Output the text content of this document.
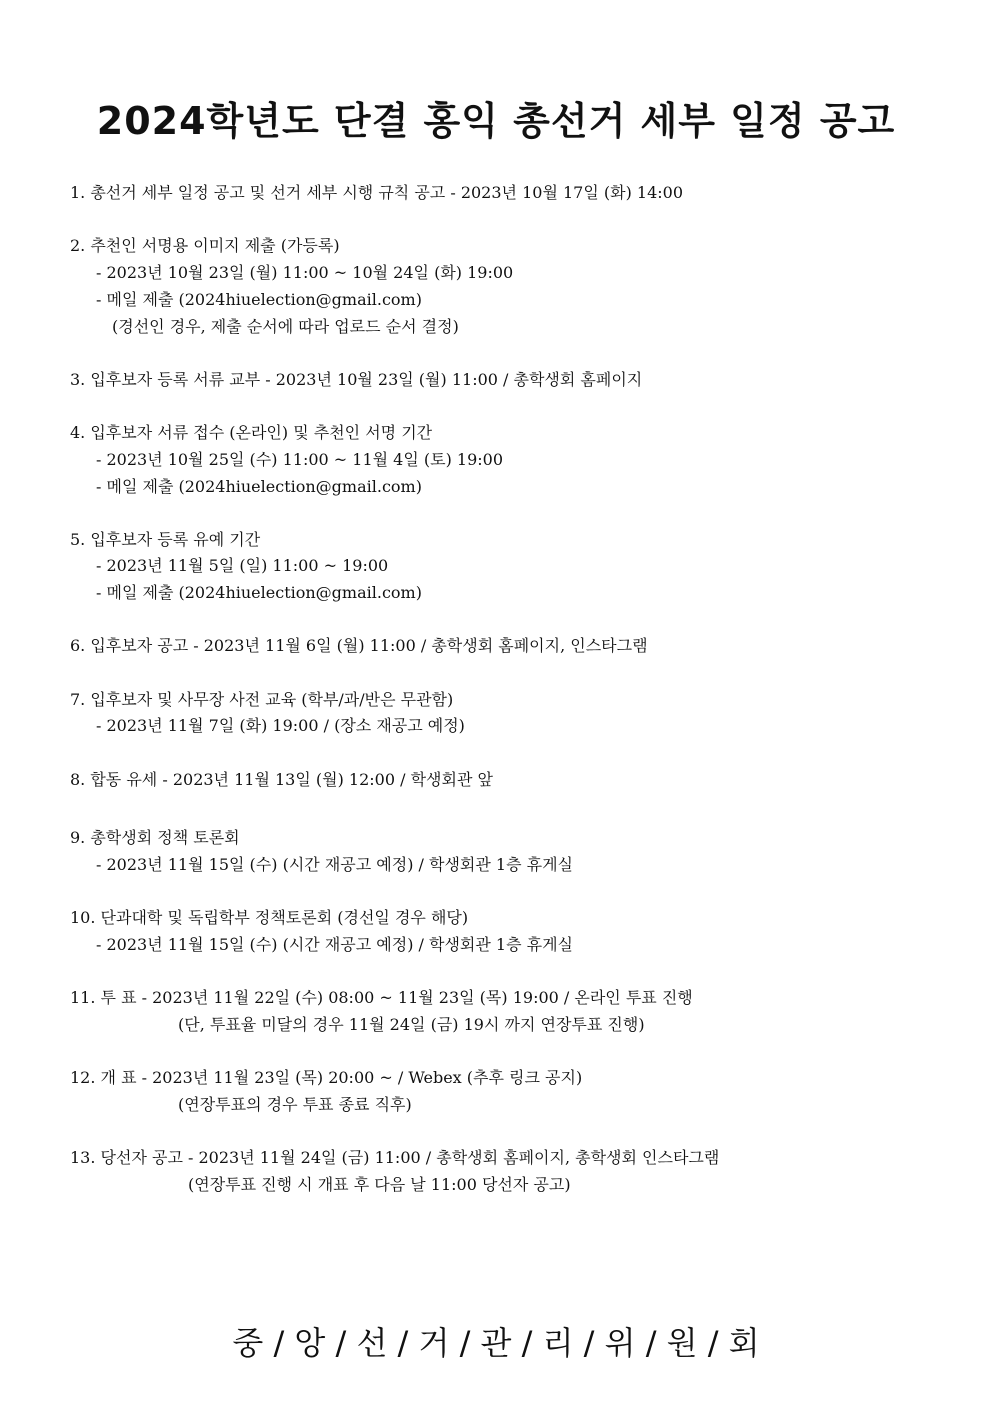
2024학년도 단결 홍익 총선거 세부 일정 공고
1. 총선거 세부 일정 공고 및 선거 세부 시행 규칙 공고 - 2023년 10월 17일 (화) 14:00
2. 추천인 서명용 이미지 제출 (가등록)
- 2023년 10월 23일 (월) 11:00 ~ 10월 24일 (화) 19:00
- 메일 제출 (2024hiuelection@gmail.com)
(경선인 경우, 제출 순서에 따라 업로드 순서 결정)
3. 입후보자 등록 서류 교부 - 2023년 10월 23일 (월) 11:00 / 총학생회 홈페이지
4. 입후보자 서류 접수 (온라인) 및 추천인 서명 기간
- 2023년 10월 25일 (수) 11:00 ~ 11월 4일 (토) 19:00
- 메일 제출 (2024hiuelection@gmail.com)
5. 입후보자 등록 유예 기간
- 2023년 11월 5일 (일) 11:00 ~ 19:00
- 메일 제출 (2024hiuelection@gmail.com)
6. 입후보자 공고 - 2023년 11월 6일 (월) 11:00 / 총학생회 홈페이지, 인스타그램
7. 입후보자 및 사무장 사전 교육 (학부/과/반은 무관함)
- 2023년 11월 7일 (화) 19:00 / (장소 재공고 예정)
8. 합동 유세 - 2023년 11월 13일 (월) 12:00 / 학생회관 앞
9. 총학생회 정책 토론회
- 2023년 11월 15일 (수) (시간 재공고 예정) / 학생회관 1층 휴게실
10. 단과대학 및 독립학부 정책토론회 (경선일 경우 해당)
- 2023년 11월 15일 (수) (시간 재공고 예정) / 학생회관 1층 휴게실
11. 투 표 - 2023년 11월 22일 (수) 08:00 ~ 11월 23일 (목) 19:00 / 온라인 투표 진행
(단, 투표율 미달의 경우 11월 24일 (금) 19시 까지 연장투표 진행)
12. 개 표 - 2023년 11월 23일 (목) 20:00 ~ / Webex (추후 링크 공지)
(연장투표의 경우 투표 종료 직후)
13. 당선자 공고 - 2023년 11월 24일 (금) 11:00 / 총학생회 홈페이지, 총학생회 인스타그램
(연장투표 진행 시 개표 후 다음 날 11:00 당선자 공고)
중 / 앙 / 선 / 거 / 관 / 리 / 위 / 원 / 회
